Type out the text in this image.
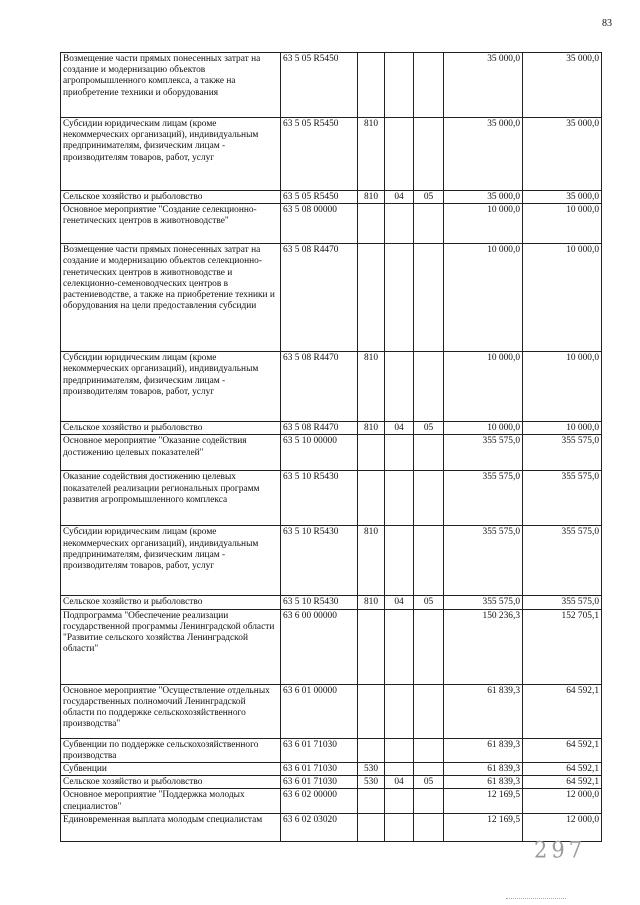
83
Возмещение части прямых понесенных затрат на создание и модернизацию объектов агропромышленного комплекса, а также на приобретение техники и оборудования	63 5 05 R5450				35 000,0	35 000,0
Субсидии юридическим лицам (кроме некоммерческих организаций), индивидуальным предпринимателям, физическим лицам - производителям товаров, работ, услуг	63 5 05 R5450	810			35 000,0	35 000,0
Сельское хозяйство и рыболовство	63 5 05 R5450	810	04	05	35 000,0	35 000,0
Основное мероприятие "Создание селекционно-генетических центров в животноводстве"	63 5 08 00000				10 000,0	10 000,0
Возмещение части прямых понесенных затрат на создание и модернизацию объектов селекционно-генетических центров в животноводстве и селекционно-семеноводческих центров в растениеводстве, а также на приобретение техники и оборудования на цели предоставления субсидии	63 5 08 R4470				10 000,0	10 000,0
Субсидии юридическим лицам (кроме некоммерческих организаций), индивидуальным предпринимателям, физическим лицам - производителям товаров, работ, услуг	63 5 08 R4470	810			10 000,0	10 000,0
Сельское хозяйство и рыболовство	63 5 08 R4470	810	04	05	10 000,0	10 000,0
Основное мероприятие "Оказание содействия достижению целевых показателей"	63 5 10 00000				355 575,0	355 575,0
Оказание содействия достижению целевых показателей реализации региональных программ развития агропромышленного комплекса	63 5 10 R5430				355 575,0	355 575,0
Субсидии юридическим лицам (кроме некоммерческих организаций), индивидуальным предпринимателям, физическим лицам - производителям товаров, работ, услуг	63 5 10 R5430	810			355 575,0	355 575,0
Сельское хозяйство и рыболовство	63 5 10 R5430	810	04	05	355 575,0	355 575,0
Подпрограмма "Обеспечение реализации государственной программы Ленинградской области "Развитие сельского хозяйства Ленинградской области"	63 6 00 00000				150 236,3	152 705,1
Основное мероприятие "Осуществление отдельных государственных полномочий Ленинградской области по поддержке сельскохозяйственного производства"	63 6 01 00000				61 839,3	64 592,1
Субвенции по поддержке сельскохозяйственного производства	63 6 01 71030				61 839,3	64 592,1
Субвенции	63 6 01 71030	530			61 839,3	64 592,1
Сельское хозяйство и рыболовство	63 6 01 71030	530	04	05	61 839,3	64 592,1
Основное мероприятие "Поддержка молодых специалистов"	63 6 02 00000				12 169,5	12 000,0
Единовременная выплата молодым специалистам	63 6 02 03020				12 169,5	12 000,0
297
